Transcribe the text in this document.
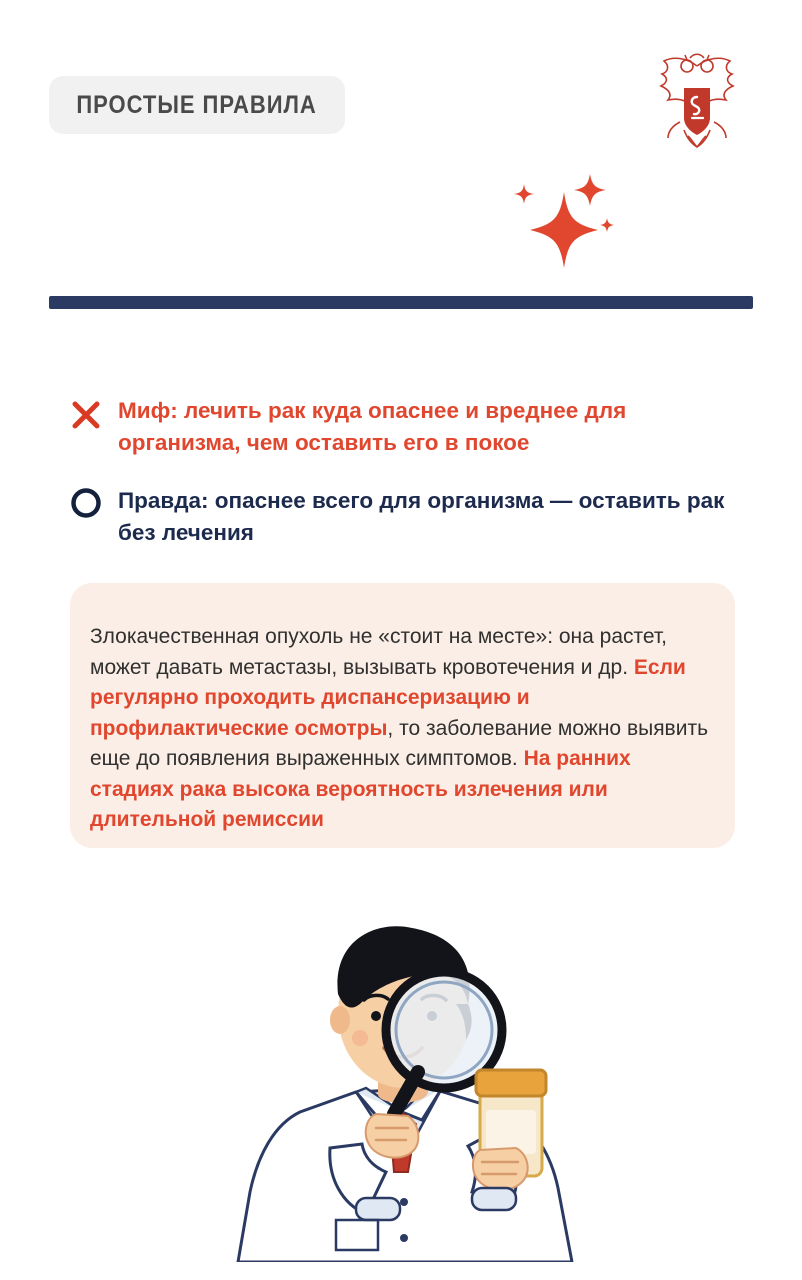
ПРОСТЫЕ ПРАВИЛА
Миф: лечить рак куда опаснее и вреднее для организма, чем оставить его в покое
Правда: опаснее всего для организма — оставить рак без лечения

Злокачественная опухоль не «стоит на месте»: она растет, может давать метастазы, вызывать кровотечения и др. Если регулярно проходить диспансеризацию и профилактические осмотры, то заболевание можно выявить еще до появления выраженных симптомов. На ранних стадиях рака высока вероятность излечения или длительной ремиссии
